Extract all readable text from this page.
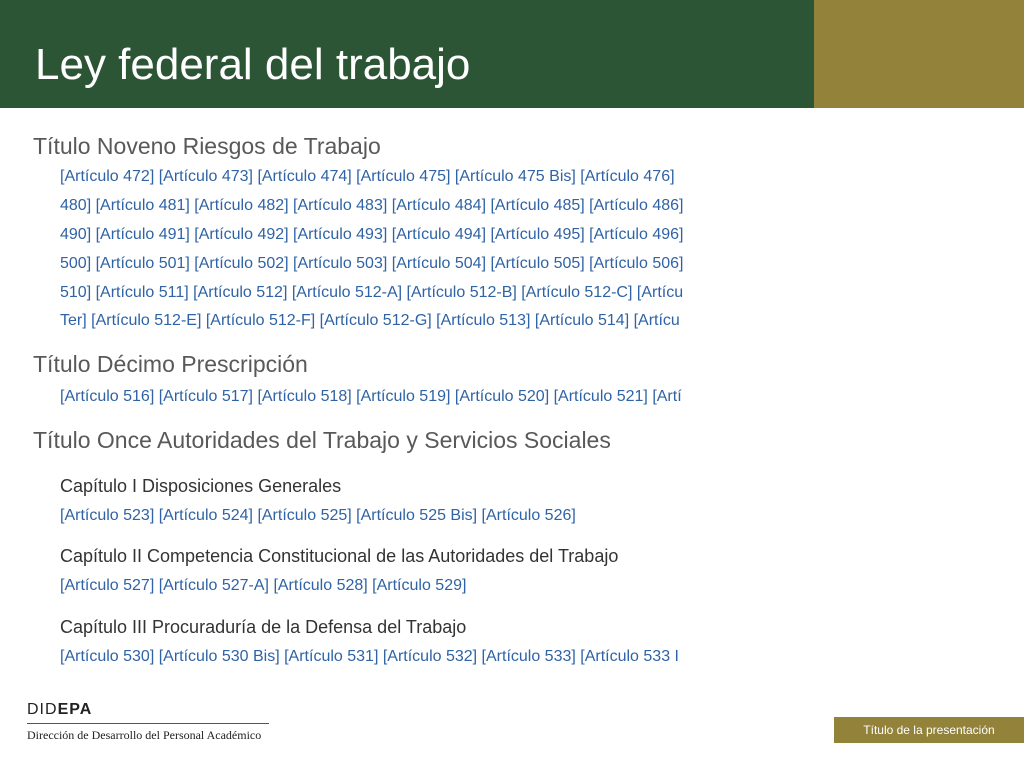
Ley federal del trabajo
Título Noveno Riesgos de Trabajo
[Artículo 472] [Artículo 473] [Artículo 474] [Artículo 475] [Artículo 475 Bis] [Artículo 476]
480] [Artículo 481] [Artículo 482] [Artículo 483] [Artículo 484] [Artículo 485] [Artículo 486]
490] [Artículo 491] [Artículo 492] [Artículo 493] [Artículo 494] [Artículo 495] [Artículo 496]
500] [Artículo 501] [Artículo 502] [Artículo 503] [Artículo 504] [Artículo 505] [Artículo 506]
510] [Artículo 511] [Artículo 512] [Artículo 512-A] [Artículo 512-B] [Artículo 512-C] [Artícu
Ter] [Artículo 512-E] [Artículo 512-F] [Artículo 512-G] [Artículo 513] [Artículo 514] [Artícu
Título Décimo Prescripción
[Artículo 516] [Artículo 517] [Artículo 518] [Artículo 519] [Artículo 520] [Artículo 521] [Artí
Título Once Autoridades del Trabajo y Servicios Sociales
Capítulo I Disposiciones Generales
[Artículo 523] [Artículo 524] [Artículo 525] [Artículo 525 Bis] [Artículo 526]
Capítulo II Competencia Constitucional de las Autoridades del Trabajo
[Artículo 527] [Artículo 527-A] [Artículo 528] [Artículo 529]
Capítulo III Procuraduría de la Defensa del Trabajo
[Artículo 530] [Artículo 530 Bis] [Artículo 531] [Artículo 532] [Artículo 533] [Artículo 533 I
DIDEPA
Dirección de Desarrollo del Personal Académico	Título de la presentación
